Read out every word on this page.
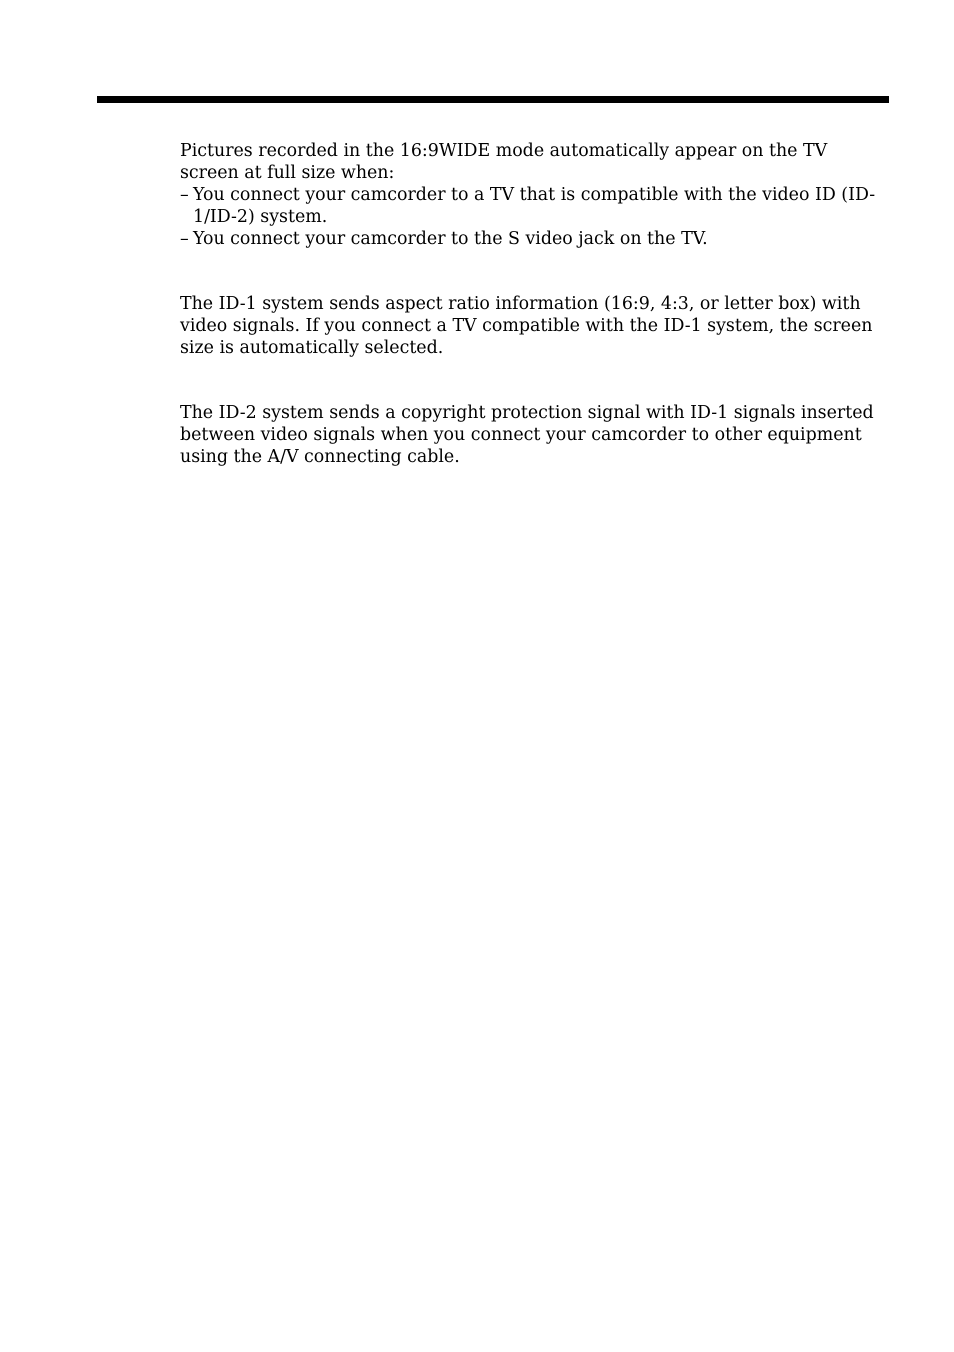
Pictures recorded in the 16:9WIDE mode automatically appear on the TV screen at full size when:

– You connect your camcorder to a TV that is compatible with the video ID (ID-1/ID-2) system.
– You connect your camcorder to the S video jack on the TV.

The ID-1 system sends aspect ratio information (16:9, 4:3, or letter box) with video signals. If you connect a TV compatible with the ID-1 system, the screen size is automatically selected.

The ID-2 system sends a copyright protection signal with ID-1 signals inserted between video signals when you connect your camcorder to other equipment using the A/V connecting cable.
